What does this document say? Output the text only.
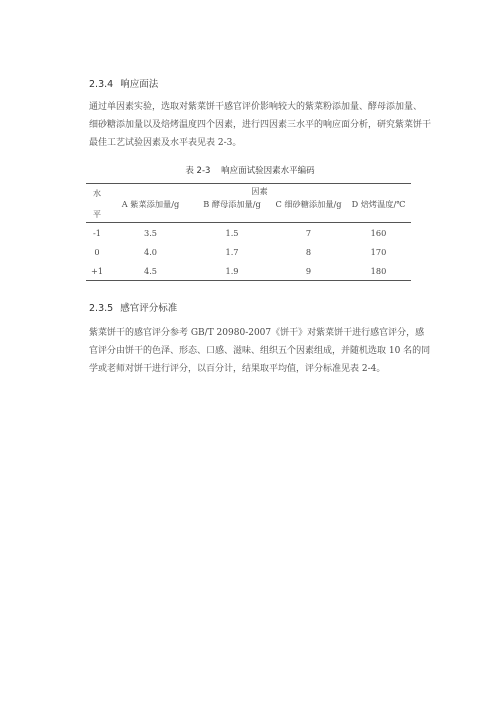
2.3.4 响应面法
通过单因素实验，选取对紫菜饼干感官评价影响较大的紫菜粉添加量、酵母添加量、
细砂糖添加量以及焙烤温度四个因素，进行四因素三水平的响应面分析，研究紫菜饼干
最佳工艺试验因素及水平表见表 2-3。
表 2-3 响应面试验因素水平编码
水
平	因素			
	A 紫菜添加量/g	B 酵母添加量/g	C 细砂糖添加量/g	D 焙烤温度/℃
-1	3.5	1.5	7	160
0	4.0	1.7	8	170
+1	4.5	1.9	9	180
2.3.5 感官评分标准
紫菜饼干的感官评分参考 GB/T 20980-2007《饼干》对紫菜饼干进行感官评分，感
官评分由饼干的色泽、形态、口感、滋味、组织五个因素组成，并随机选取 10 名的同
学或老师对饼干进行评分，以百分计，结果取平均值，评分标准见表 2-4。
